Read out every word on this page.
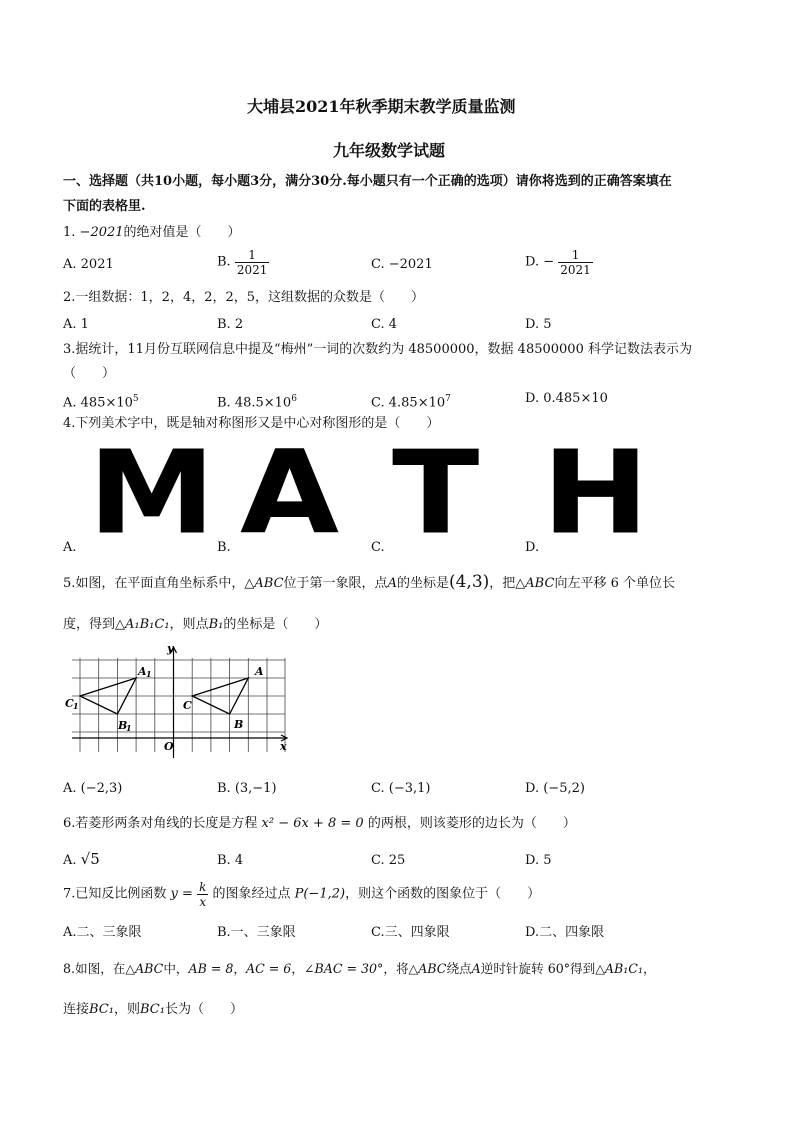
大埔县2021年秋季期末教学质量监测
九年级数学试题
一、选择题（共10小题，每小题3分，满分30分.每小题只有一个正确的选项）请你将选到的正确答案填在
下面的表格里.
1. −2021的绝对值是（　　）
A. 2021	B. $\frac{1}{2021}$	C. −2021	D. − $\frac{1}{2021}$
2.一组数据：1，2，4，2，2，5，这组数据的众数是（　　）
A. 1	B. 2	C. 4	D. 5
3.据统计，11月份互联网信息中提及“梅州”一词的次数约为 48500000，数据 48500000 科学记数法表示为
（　　）
A. $485\times 10^5$	B. $48.5\times 10^6$	C. $4.85\times 10^7$	D. 0.485×10
4.下列美术字中，既是轴对称图形又是中心对称图形的是（　　）
M A T H
A.	B.	C.	D.
5.如图，在平面直角坐标系中，△ABC位于第一象限，点A的坐标是(4,3)，把△ABC向左平移 6 个单位长
度，得到△A₁B₁C₁，则点B₁的坐标是（　　）
y
x
O
A
B
C
A 1
B
1
C 1
A. (−2,3)	B. (3,−1)	C. (−3,1)	D. (−5,2)
6.若菱形两条对角线的长度是方程 x² − 6x + 8 = 0 的两根，则该菱形的边长为（　　）
A. √5	B. 4	C. 25	D. 5
7.已知反比例函数 $y = \frac{k}{x}$ 的图象经过点 P(−1,2)，则这个函数的图象位于（　　）
A.二、三象限	B.一、三象限	C.三、四象限	D.二、四象限
8.如图，在△ABC中，AB = 8，AC = 6，∠BAC = 30°，将△ABC绕点A逆时针旋转 60°得到△AB₁C₁，
连接BC₁，则BC₁长为（　　）
